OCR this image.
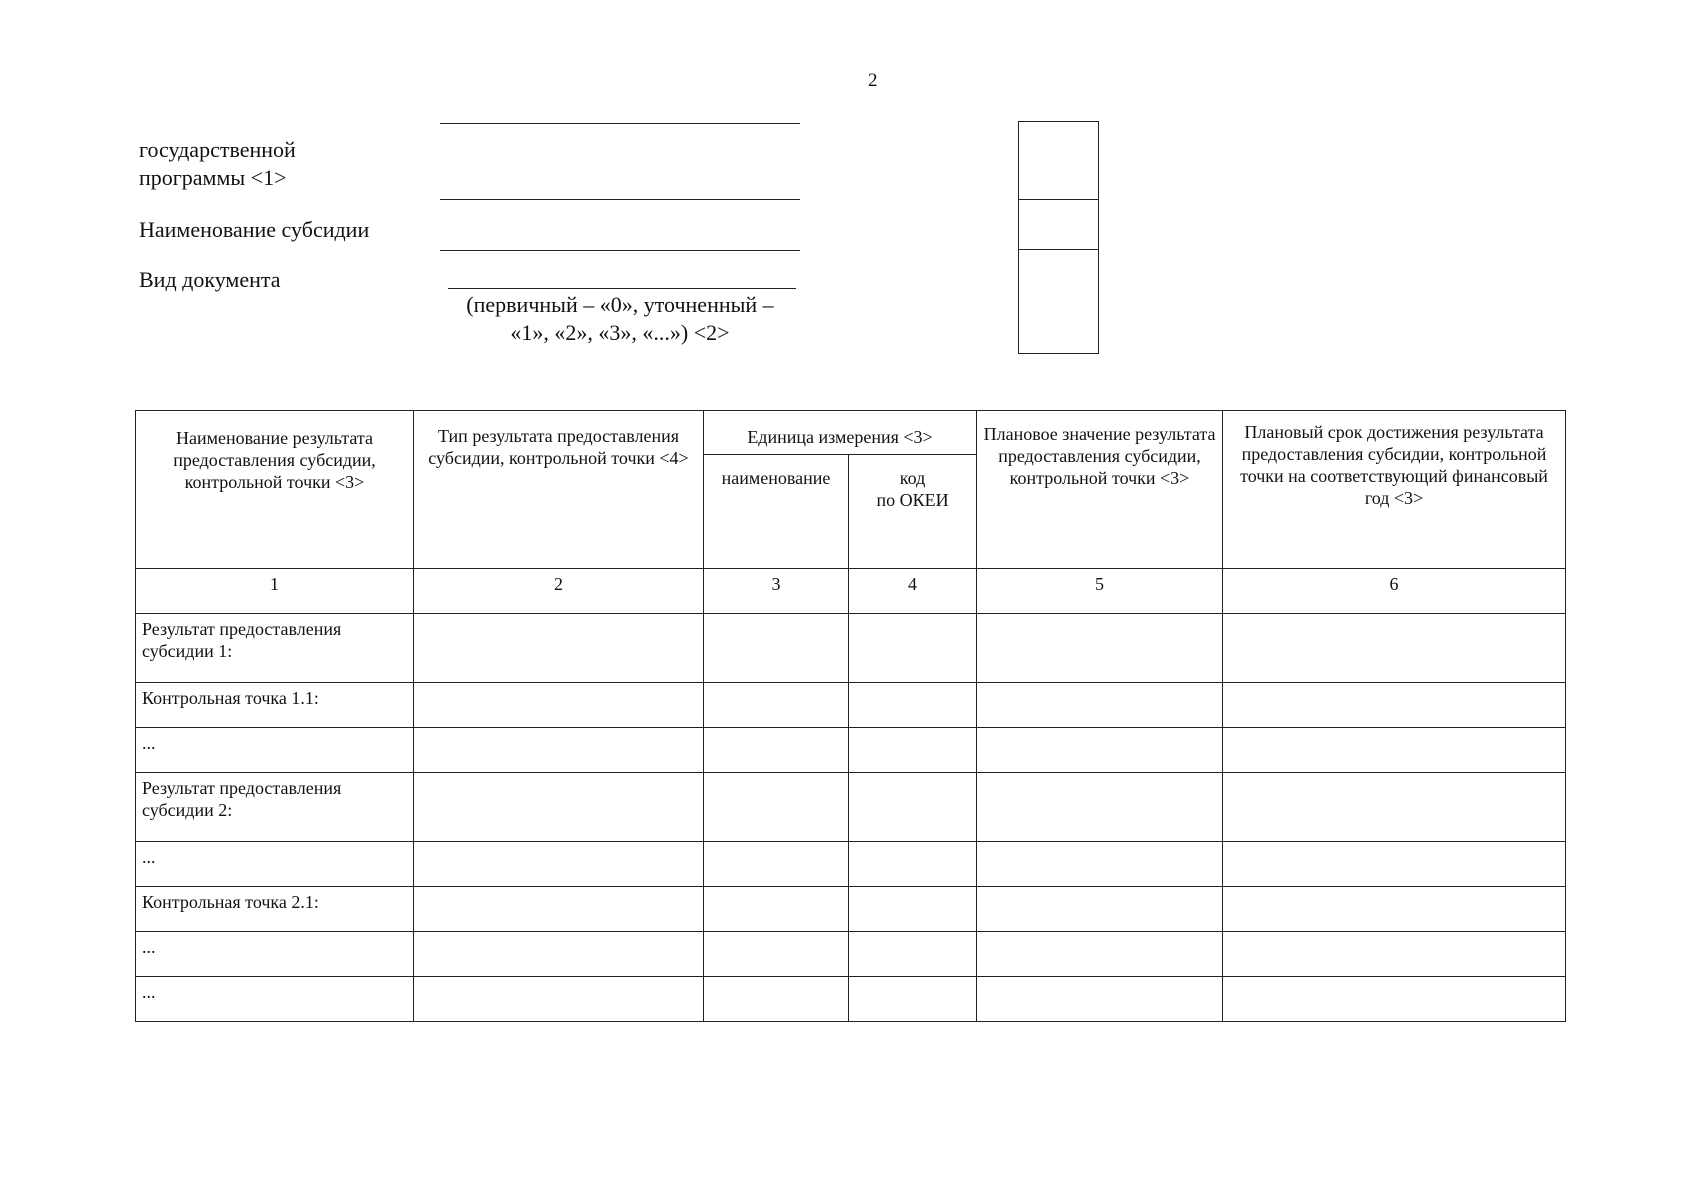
2
государственной
программы <1>
Наименование субсидии
Вид документа
(первичный – «0», уточненный –
«1», «2», «3», «...») <2>
Наименование результата предоставления субсидии, контрольной точки <3>	Тип результата предоставления субсидии, контрольной точки <4>	Единица измерения <3>		Плановое значение результата предоставления субсидии, контрольной точки <3>	Плановый срок достижения результата предоставления субсидии, контрольной точки на соответствующий финансовый год <3>
		наименование	код
по ОКЕИ		
1	2	3	4	5	6
Результат предоставления субсидии 1:					
Контрольная точка 1.1:					
...					
Результат предоставления субсидии 2:					
...					
Контрольная точка 2.1:					
...					
...					
